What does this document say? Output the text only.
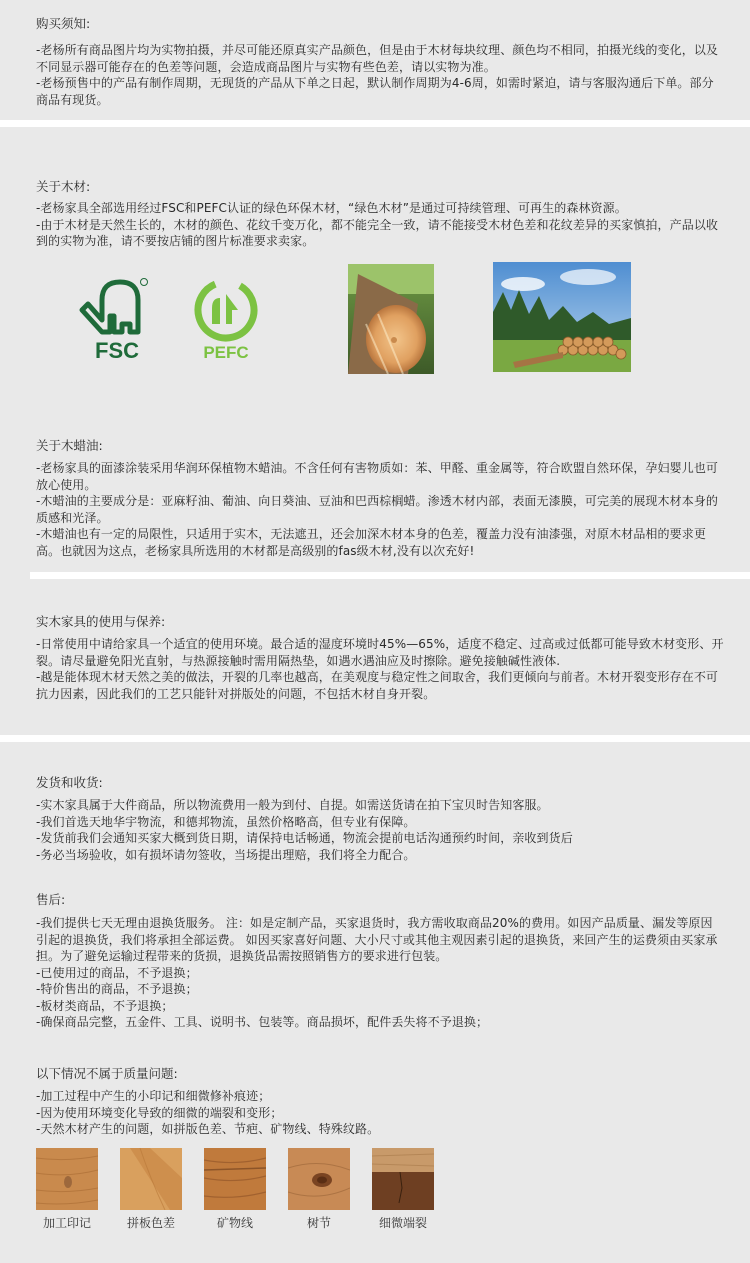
购买须知:

-老杨所有商品图片均为实物拍摄，并尽可能还原真实产品颜色，但是由于木材每块纹理、颜色均不相同，拍摄光线的变化，以及不同显示器可能存在的色差等问题，会造成商品图片与实物有些色差，请以实物为准。

-老杨预售中的产品有制作周期，无现货的产品从下单之日起，默认制作周期为4-6周，如需时紧迫，请与客服沟通后下单。部分商品有现货。

关于木材:

-老杨家具全部选用经过FSC和PEFC认证的绿色环保木材，“绿色木材”是通过可持续管理、可再生的森林资源。

-由于木材是天然生长的，木材的颜色、花纹千变万化，都不能完全一致，请不能接受木材色差和花纹差异的买家慎拍，产品以收到的实物为准，请不要按店铺的图片标准要求卖家。

FSC	PEFC
关于木蜡油:

-老杨家具的面漆涂装采用华润环保植物木蜡油。不含任何有害物质如：苯、甲醛、重金属等，符合欧盟自然环保，孕妇婴儿也可放心使用。

-木蜡油的主要成分是：亚麻籽油、葡油、向日葵油、豆油和巴西棕榈蜡。渗透木材内部，表面无漆膜，可完美的展现木材本身的质感和光泽。

-木蜡油也有一定的局限性，只适用于实木，无法遮丑，还会加深木材本身的色差，覆盖力没有油漆强，对原木材品相的要求更高。也就因为这点，老杨家具所选用的木材都是高级别的fas级木材,没有以次充好!

实木家具的使用与保养:

-日常使用中请给家具一个适宜的使用环境。最合适的湿度环境时45%—65%，适度不稳定、过高或过低都可能导致木材变形、开裂。请尽量避免阳光直射，与热源接触时需用隔热垫，如遇水遇油应及时擦除。避免接触碱性液体.

-越是能体现木材天然之美的做法，开裂的几率也越高，在美观度与稳定性之间取舍，我们更倾向与前者。木材开裂变形存在不可抗力因素，因此我们的工艺只能针对拼版处的问题，不包括木材自身开裂。

发货和收货:

-实木家具属于大件商品，所以物流费用一般为到付、自提。如需送货请在拍下宝贝时告知客服。

-我们首选天地华宇物流，和德邦物流，虽然价格略高，但专业有保障。

-发货前我们会通知买家大概到货日期，请保持电话畅通，物流会提前电话沟通预约时间，亲收到货后

-务必当场验收，如有损坏请勿签收，当场提出理赔，我们将全力配合。

售后:

-我们提供七天无理由退换货服务。 注：如是定制产品，买家退货时，我方需收取商品20%的费用。如因产品质量、漏发等原因引起的退换货，我们将承担全部运费。 如因买家喜好问题、大小尺寸或其他主观因素引起的退换货，来回产生的运费须由买家承担。为了避免运输过程带来的货损，退换货品需按照销售方的要求进行包装。

-已使用过的商品，不予退换；

-特价售出的商品，不予退换；

-板材类商品，不予退换；

-确保商品完整，五金件、工具、说明书、包装等。商品损坏，配件丢失将不予退换；

以下情况不属于质量问题:

-加工过程中产生的小印记和细微修补痕迹；

-因为使用环境变化导致的细微的端裂和变形；

-天然木材产生的问题，如拼版色差、节疤、矿物线、特殊纹路。

加工印记	拼板色差	矿物线	树节	细微端裂
